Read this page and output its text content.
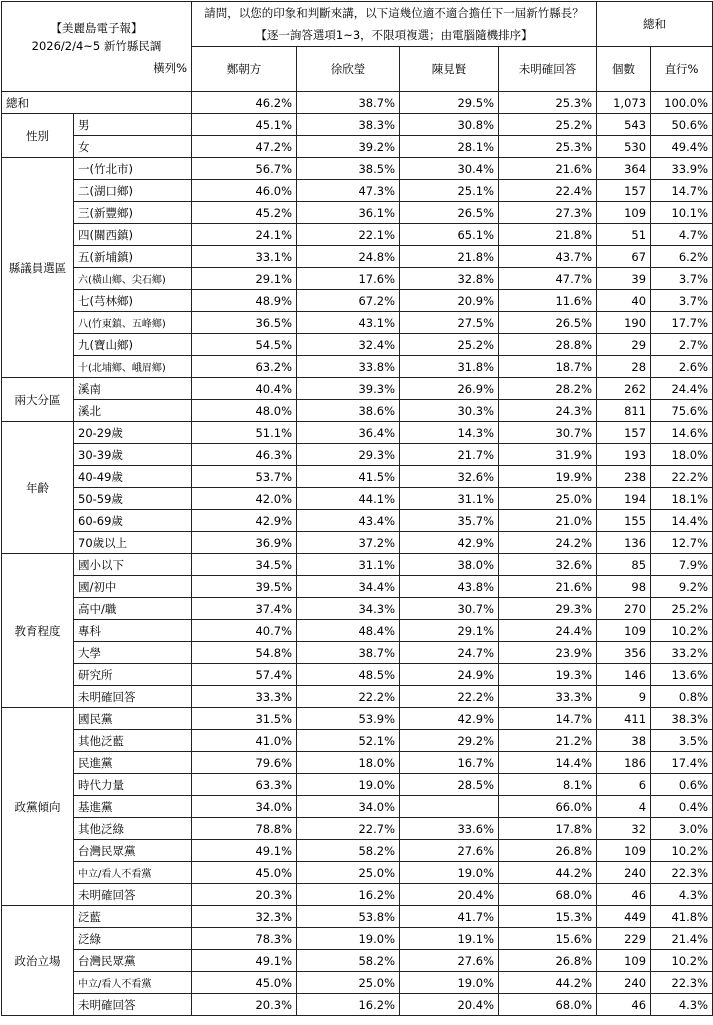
【美麗島電子報】
2026/2/4~5 新竹縣民調
橫列%		請問，以您的印象和判斷來講，以下這幾位適不適合擔任下一屆新竹縣長？【逐一詢答選項1~3，不限項複選；由電腦隨機排序】				總和	
		鄭朝方	徐欣瑩	陳見賢	未明確回答	個數	直行%
總和		46.2%	38.7%	29.5%	25.3%	1,073	100.0%
性別	男	45.1%	38.3%	30.8%	25.2%	543	50.6%
	女	47.2%	39.2%	28.1%	25.3%	530	49.4%
縣議員選區	一(竹北市)	56.7%	38.5%	30.4%	21.6%	364	33.9%
	二(湖口鄉)	46.0%	47.3%	25.1%	22.4%	157	14.7%
	三(新豐鄉)	45.2%	36.1%	26.5%	27.3%	109	10.1%
	四(關西鎮)	24.1%	22.1%	65.1%	21.8%	51	4.7%
	五(新埔鎮)	33.1%	24.8%	21.8%	43.7%	67	6.2%
	六(橫山鄉、尖石鄉)	29.1%	17.6%	32.8%	47.7%	39	3.7%
	七(芎林鄉)	48.9%	67.2%	20.9%	11.6%	40	3.7%
	八(竹東鎮、五峰鄉)	36.5%	43.1%	27.5%	26.5%	190	17.7%
	九(寶山鄉)	54.5%	32.4%	25.2%	28.8%	29	2.7%
	十(北埔鄉、峨眉鄉)	63.2%	33.8%	31.8%	18.7%	28	2.6%
兩大分區	溪南	40.4%	39.3%	26.9%	28.2%	262	24.4%
	溪北	48.0%	38.6%	30.3%	24.3%	811	75.6%
年齡	20-29歲	51.1%	36.4%	14.3%	30.7%	157	14.6%
	30-39歲	46.3%	29.3%	21.7%	31.9%	193	18.0%
	40-49歲	53.7%	41.5%	32.6%	19.9%	238	22.2%
	50-59歲	42.0%	44.1%	31.1%	25.0%	194	18.1%
	60-69歲	42.9%	43.4%	35.7%	21.0%	155	14.4%
	70歲以上	36.9%	37.2%	42.9%	24.2%	136	12.7%
教育程度	國小以下	34.5%	31.1%	38.0%	32.6%	85	7.9%
	國/初中	39.5%	34.4%	43.8%	21.6%	98	9.2%
	高中/職	37.4%	34.3%	30.7%	29.3%	270	25.2%
	專科	40.7%	48.4%	29.1%	24.4%	109	10.2%
	大學	54.8%	38.7%	24.7%	23.9%	356	33.2%
	研究所	57.4%	48.5%	24.9%	19.3%	146	13.6%
	未明確回答	33.3%	22.2%	22.2%	33.3%	9	0.8%
政黨傾向	國民黨	31.5%	53.9%	42.9%	14.7%	411	38.3%
	其他泛藍	41.0%	52.1%	29.2%	21.2%	38	3.5%
	民進黨	79.6%	18.0%	16.7%	14.4%	186	17.4%
	時代力量	63.3%	19.0%	28.5%	8.1%	6	0.6%
	基進黨	34.0%	34.0%		66.0%	4	0.4%
	其他泛綠	78.8%	22.7%	33.6%	17.8%	32	3.0%
	台灣民眾黨	49.1%	58.2%	27.6%	26.8%	109	10.2%
	中立/看人不看黨	45.0%	25.0%	19.0%	44.2%	240	22.3%
	未明確回答	20.3%	16.2%	20.4%	68.0%	46	4.3%
政治立場	泛藍	32.3%	53.8%	41.7%	15.3%	449	41.8%
	泛綠	78.3%	19.0%	19.1%	15.6%	229	21.4%
	台灣民眾黨	49.1%	58.2%	27.6%	26.8%	109	10.2%
	中立/看人不看黨	45.0%	25.0%	19.0%	44.2%	240	22.3%
	未明確回答	20.3%	16.2%	20.4%	68.0%	46	4.3%
